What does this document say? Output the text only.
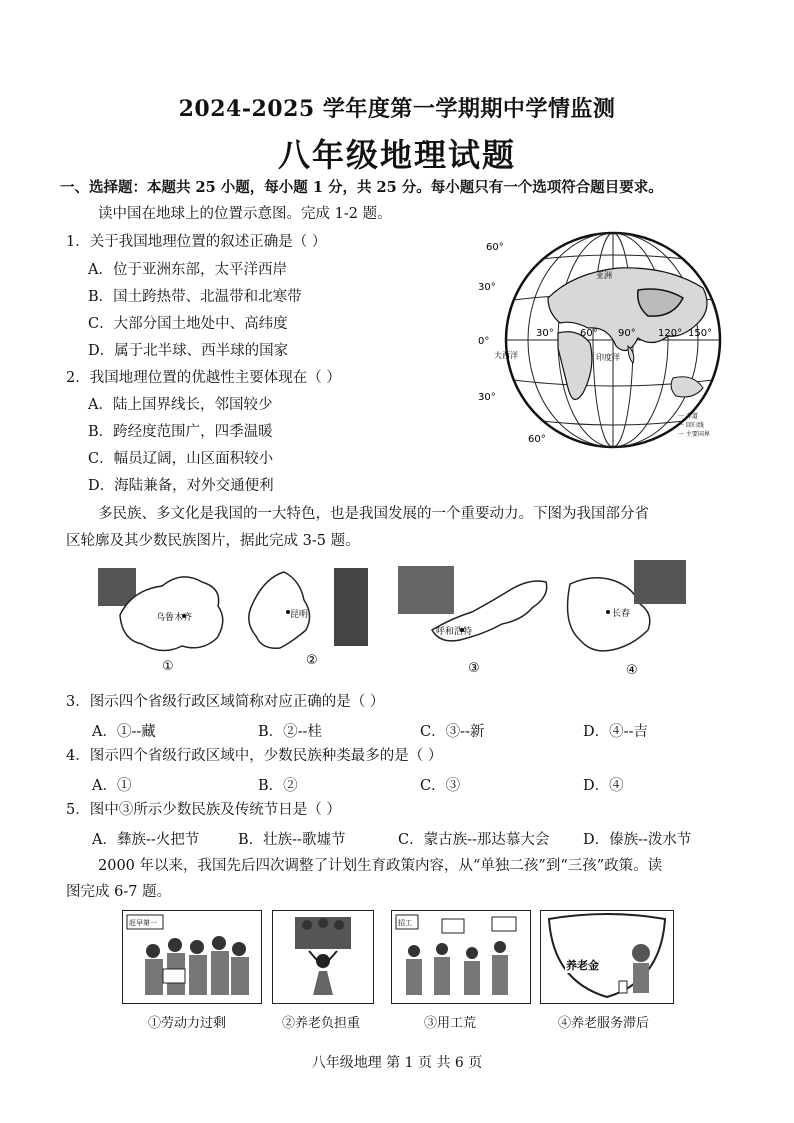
2024-2025 学年度第一学期期中学情监测
八年级地理试题
一、选择题：本题共 25 小题，每小题 1 分，共 25 分。每小题只有一个选项符合题目要求。
读中国在地球上的位置示意图。完成 1-2 题。
1．关于我国地理位置的叙述正确是（ ）
A．位于亚洲东部，太平洋西岸
B．国土跨热带、北温带和北寒带
C．大部分国土地处中、高纬度
D．属于北半球、西半球的国家
2．我国地理位置的优越性主要体现在（ ）
A．陆上国界线长，邻国较少
B．跨经度范围广，四季温暖
C．幅员辽阔，山区面积较小
D．海陆兼备，对外交通便利
60°
30°
0°
30°
60°
30°	60° 90° 120° 150°
亚洲
大西洋	印度洋
一 赤道
一 回归线
一 主要国界
多民族、多文化是我国的一大特色，也是我国发展的一个重要动力。下图为我国部分省
区轮廓及其少数民族图片，据此完成 3-5 题。
乌鲁木齐
①
昆明
②
呼和浩特
③
长春
④
3．图示四个省级行政区域简称对应正确的是（ ）
A．①--藏	B．②--桂	C．③--新	D．④--吉
4．图示四个省级行政区域中，少数民族种类最多的是（ ）
A．①	B．②	C．③	D．④
5．图中③所示少数民族及传统节日是（ ）
A．彝族--火把节	B．壮族--歌墟节	C．蒙古族--那达慕大会 D．傣族--泼水节
2000 年以来，我国先后四次调整了计划生育政策内容，从“单独二孩”到“三孩”政策。读
图完成 6-7 题。
赶早第一	招工
养老金
①劳动力过剩	②养老负担重	③用工荒	④养老服务滞后
八年级地理 第 1 页 共 6 页
